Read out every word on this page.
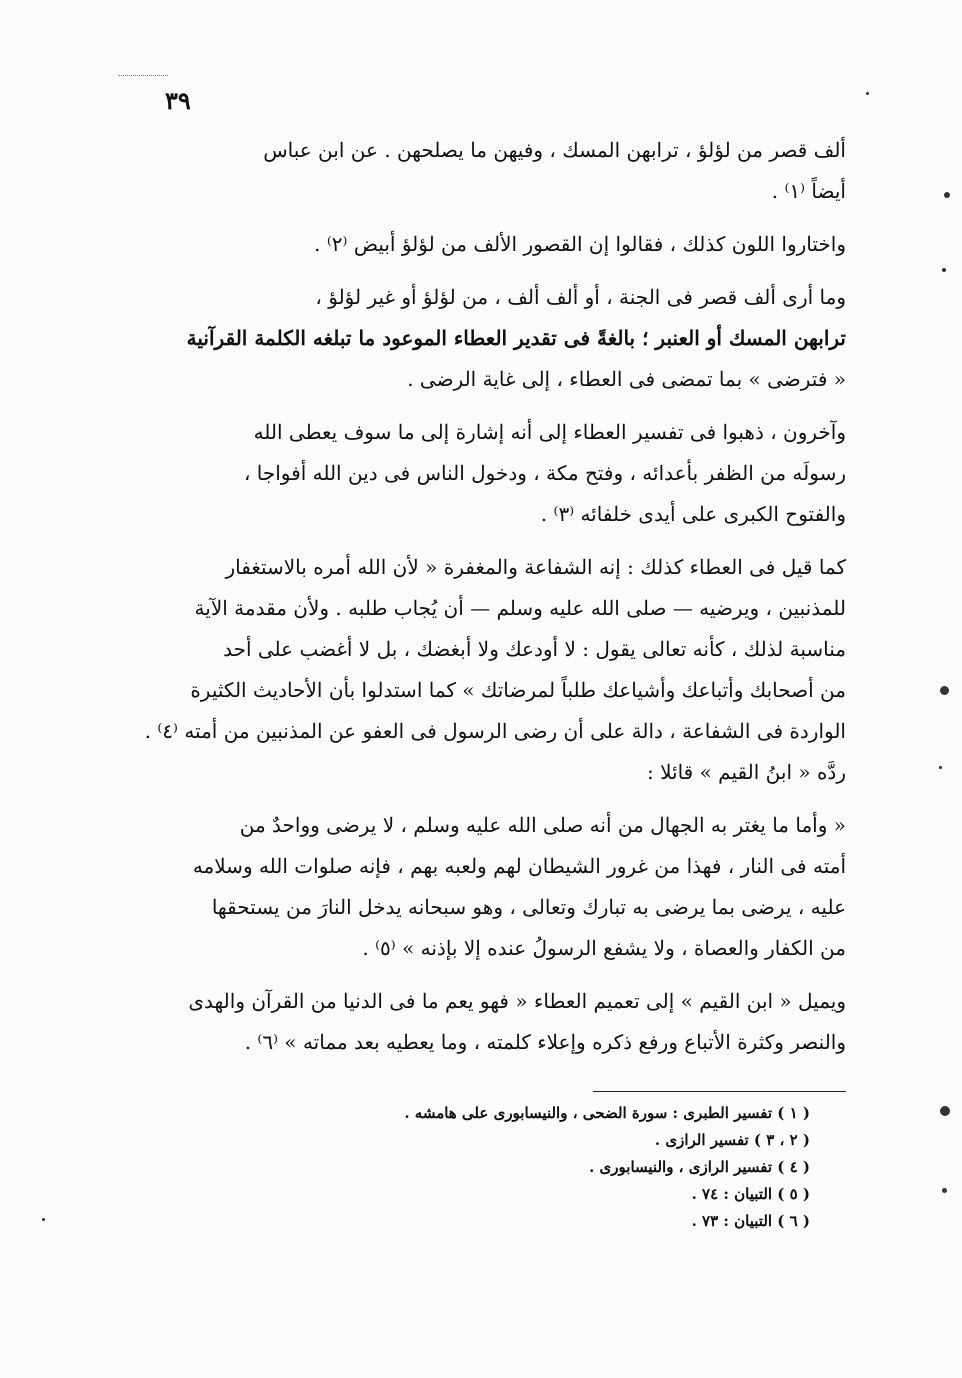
٣٩

ألف قصر من لؤلؤ ، ترابهن المسك ، وفيهن ما يصلحهن . عن ابن عباس
أيضاً ⁽١⁾ .

واختاروا اللون كذلك ، فقالوا إن القصور الألف من لؤلؤ أبيض ⁽٢⁾ .

وما أرى ألف قصر فى الجنة ، أو ألف ألف ، من لؤلؤ أو غير لؤلؤ ،
ترابهن المسك أو العنبر ؛ بالغةً فى تقدير العطاء الموعود ما تبلغه الكلمة القرآنية
« فترضى » بما تمضى فى العطاء ، إلى غاية الرضى .

وآخرون ، ذهبوا فى تفسير العطاء إلى أنه إشارة إلى ما سوف يعطى الله
رسولَه من الظفر بأعدائه ، وفتح مكة ، ودخول الناس فى دين الله أفواجا ،
والفتوح الكبرى على أيدى خلفائه ⁽٣⁾ .

كما قيل فى العطاء كذلك : إنه الشفاعة والمغفرة « لأن الله أمره بالاستغفار
للمذنبين ، ويرضيه — صلى الله عليه وسلم — أن يُجاب طلبه . ولأن مقدمة الآية
مناسبة لذلك ، كأنه تعالى يقول : لا أودعك ولا أبغضك ، بل لا أغضب على أحد
من أصحابك وأتباعك وأشياعك طلباً لمرضاتك » كما استدلوا بأن الأحاديث الكثيرة
الواردة فى الشفاعة ، دالة على أن رضى الرسول فى العفو عن المذنبين من أمته ⁽٤⁾ .
ردَّه « ابنُ القيم » قائلا :

« وأما ما يغتر به الجهال من أنه صلى الله عليه وسلم ، لا يرضى وواحدٌ من
أمته فى النار ، فهذا من غرور الشيطان لهم ولعبه بهم ، فإنه صلوات الله وسلامه
عليه ، يرضى بما يرضى به تبارك وتعالى ، وهو سبحانه يدخل النارَ من يستحقها
من الكفار والعصاة ، ولا يشفع الرسولُ عنده إلا بإذنه » ⁽٥⁾ .

ويميل « ابن القيم » إلى تعميم العطاء « فهو يعم ما فى الدنيا من القرآن والهدى
والنصر وكثرة الأتباع ورفع ذكره وإعلاء كلمته ، وما يعطيه بعد مماته » ⁽٦⁾ .

( ١ ) تفسير الطبرى : سورة الضحى ، والنيسابورى على هامشه .
( ٢ ، ٣ ) تفسير الرازى .
( ٤ ) تفسير الرازى ، والنيسابورى .
( ٥ ) التبيان : ٧٤ .
( ٦ ) التبيان : ٧٣ .
